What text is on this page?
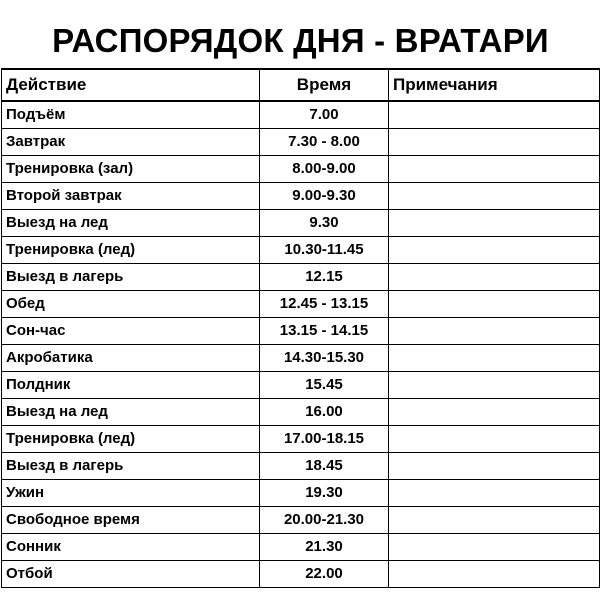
РАСПОРЯДОК ДНЯ - ВРАТАРИ
Действие	Время	Примечания
Подъём	7.00	
Завтрак	7.30 - 8.00	
Тренировка (зал)	8.00-9.00	
Второй завтрак	9.00-9.30	
Выезд на лед	9.30	
Тренировка (лед)	10.30-11.45	
Выезд в лагерь	12.15	
Обед	12.45 - 13.15	
Сон-час	13.15 - 14.15	
Акробатика	14.30-15.30	
Полдник	15.45	
Выезд на лед	16.00	
Тренировка (лед)	17.00-18.15	
Выезд в лагерь	18.45	
Ужин	19.30	
Свободное время	20.00-21.30	
Сонник	21.30	
Отбой	22.00	
